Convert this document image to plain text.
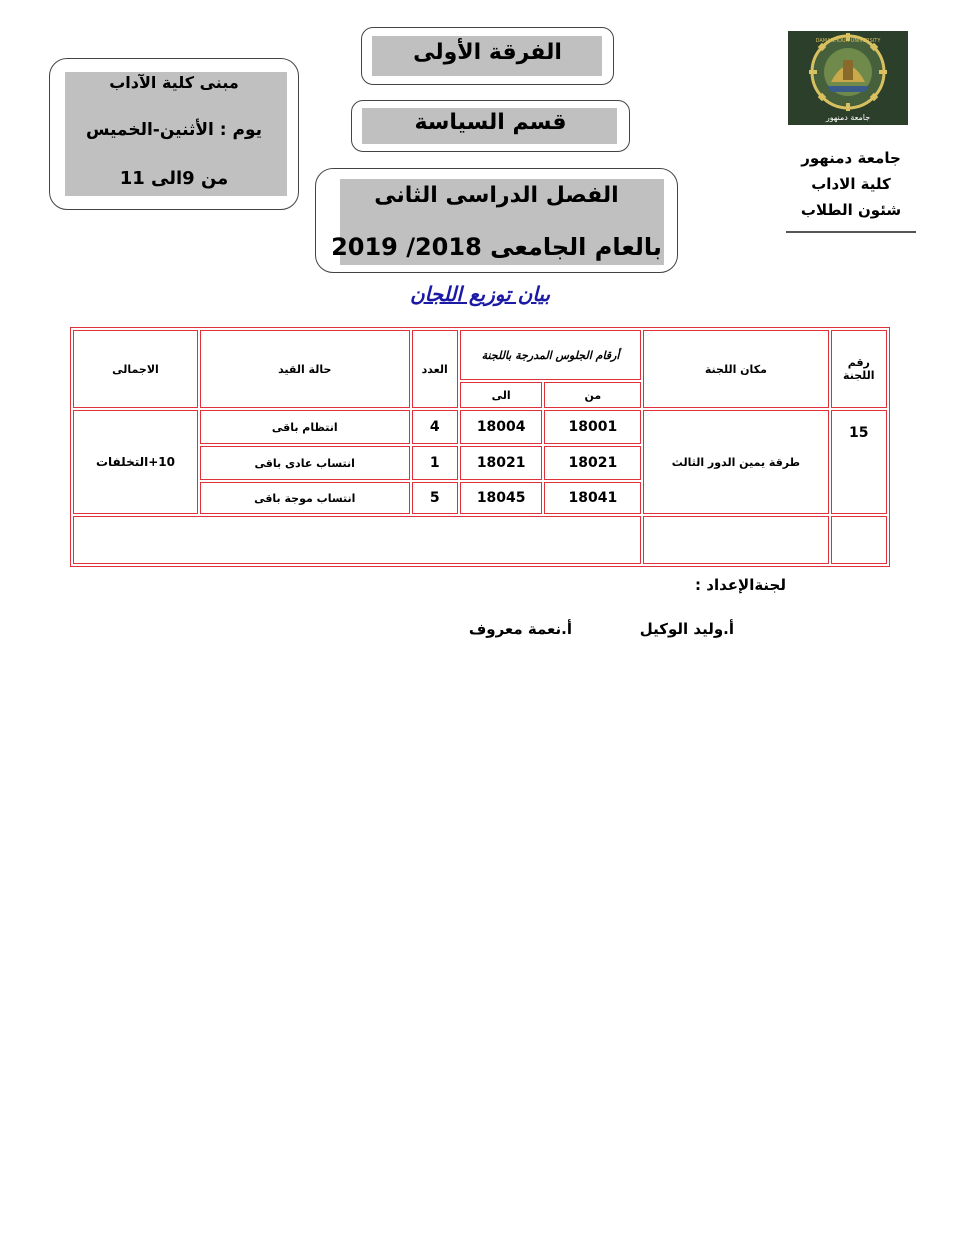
مبنى كلية الآداب
يوم : الأثنين-الخميس
من 9الى 11
الفرقة الأولى
قسم السياسة
الفصل الدراسى الثانى
بالعام الجامعى 2018/ 2019
جامعة دمنهور
DAMANHOUR UNIVERSITY
جامعة دمنهور
كلية الاداب
شئون الطلاب
بيان توزيع اللجان
رقم اللجنة	مكان اللجنة	أرقام الجلوس المدرجة باللجنة		العدد	حالة القيد	الاجمالى
		من	الى			
15	طرقة يمين الدور الثالث	18001	18004	4	انتظام باقى	10+التخلفات
		18021	18021	1	انتساب عادى باقى	
		18041	18045	5	انتساب موجة باقى	

لجنةالإعداد :
أ.وليد الوكيل
أ.نعمة معروف
